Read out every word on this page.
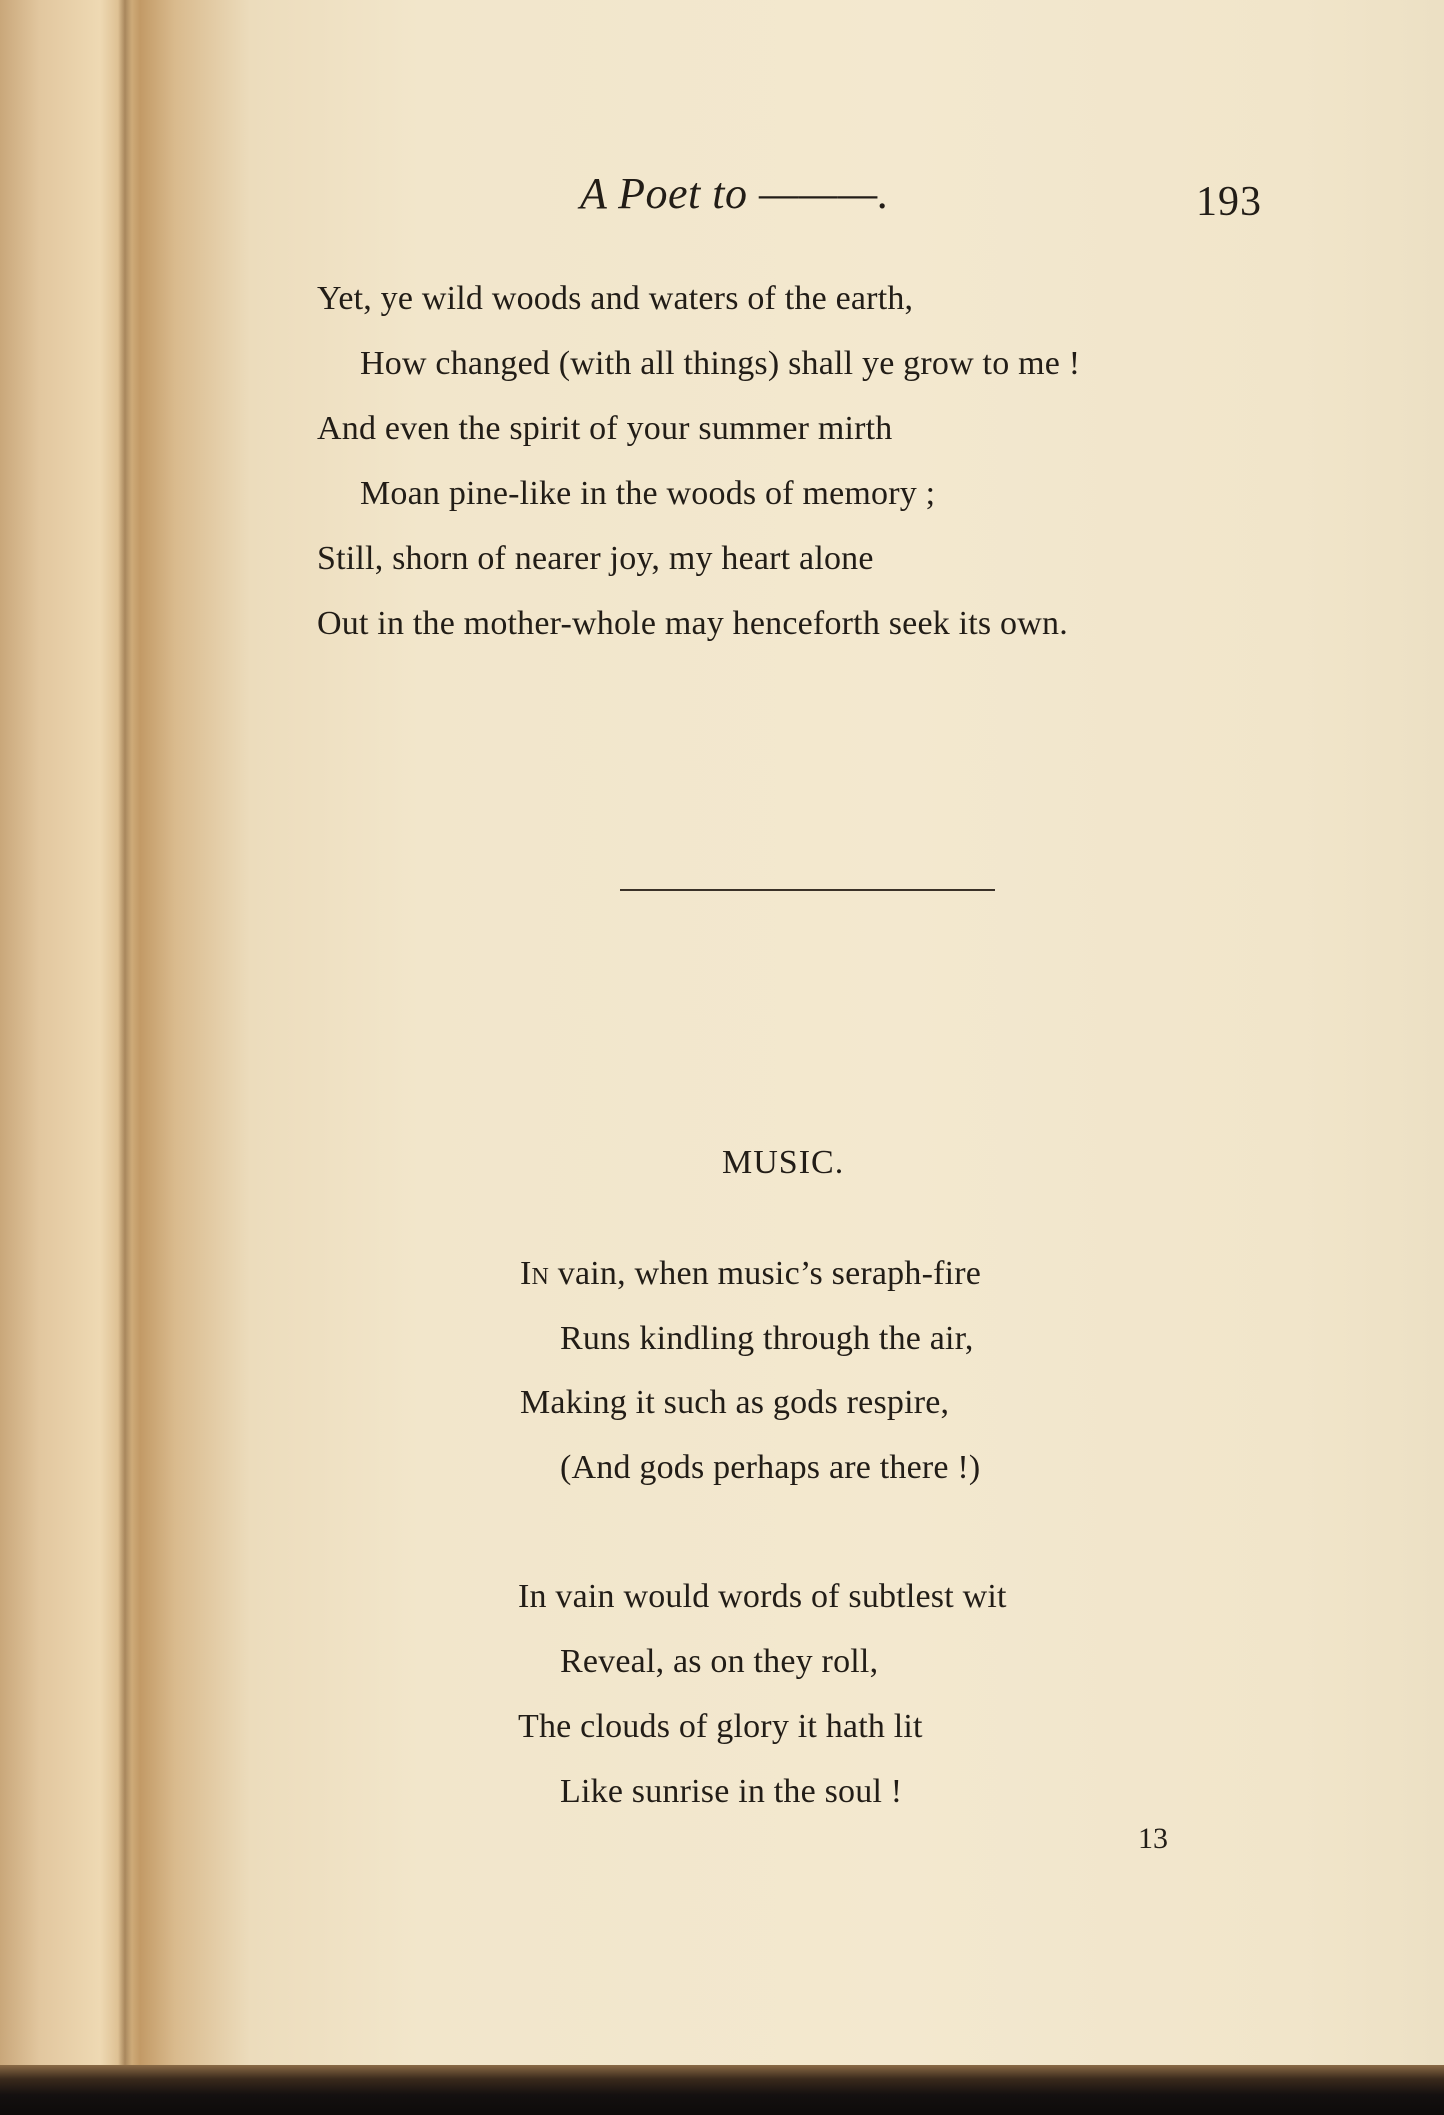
A Poet to ———.	193
Yet, ye wild woods and waters of the earth,
How changed (with all things) shall ye grow to me !
And even the spirit of your summer mirth
Moan pine-like in the woods of memory ;
Still, shorn of nearer joy, my heart alone
Out in the mother-whole may henceforth seek its own.
MUSIC.
In vain, when music’s seraph-fire
Runs kindling through the air,
Making it such as gods respire,
(And gods perhaps are there !)
In vain would words of subtlest wit
Reveal, as on they roll,
The clouds of glory it hath lit
Like sunrise in the soul !
13
